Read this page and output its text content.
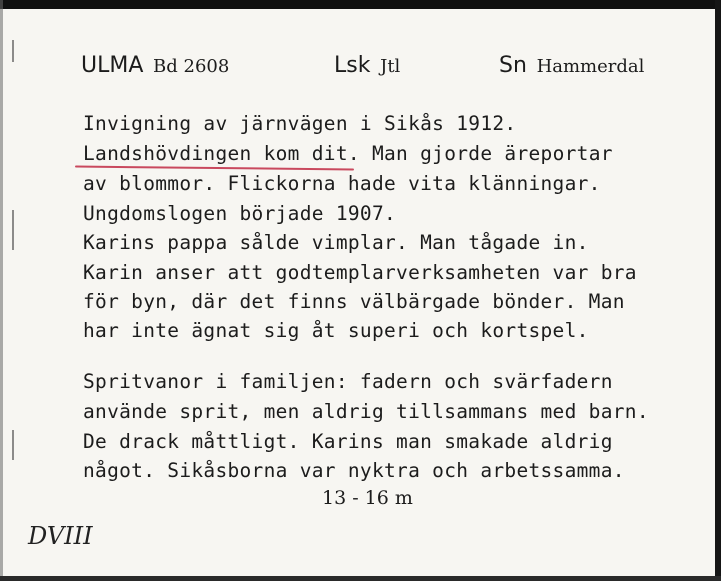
ULMA Bd 2608	Lsk Jtl	Sn Hammerdal
Invigning av järnvägen i Sikås 1912.
Landshövdingen kom dit. Man gjorde äreportar
av blommor. Flickorna hade vita klänningar.
Ungdomslogen började 1907.
Karins pappa sålde vimplar. Man tågade in.
Karin anser att godtemplarverksamheten var bra
för byn, där det finns välbärgade bönder. Man
har inte ägnat sig åt superi och kortspel.
Spritvanor i familjen: fadern och svärfadern
använde sprit, men aldrig tillsammans med barn.
De drack måttligt. Karins man smakade aldrig
något. Sikåsborna var nyktra och arbetssamma.
13 - 16 m
DVIII
